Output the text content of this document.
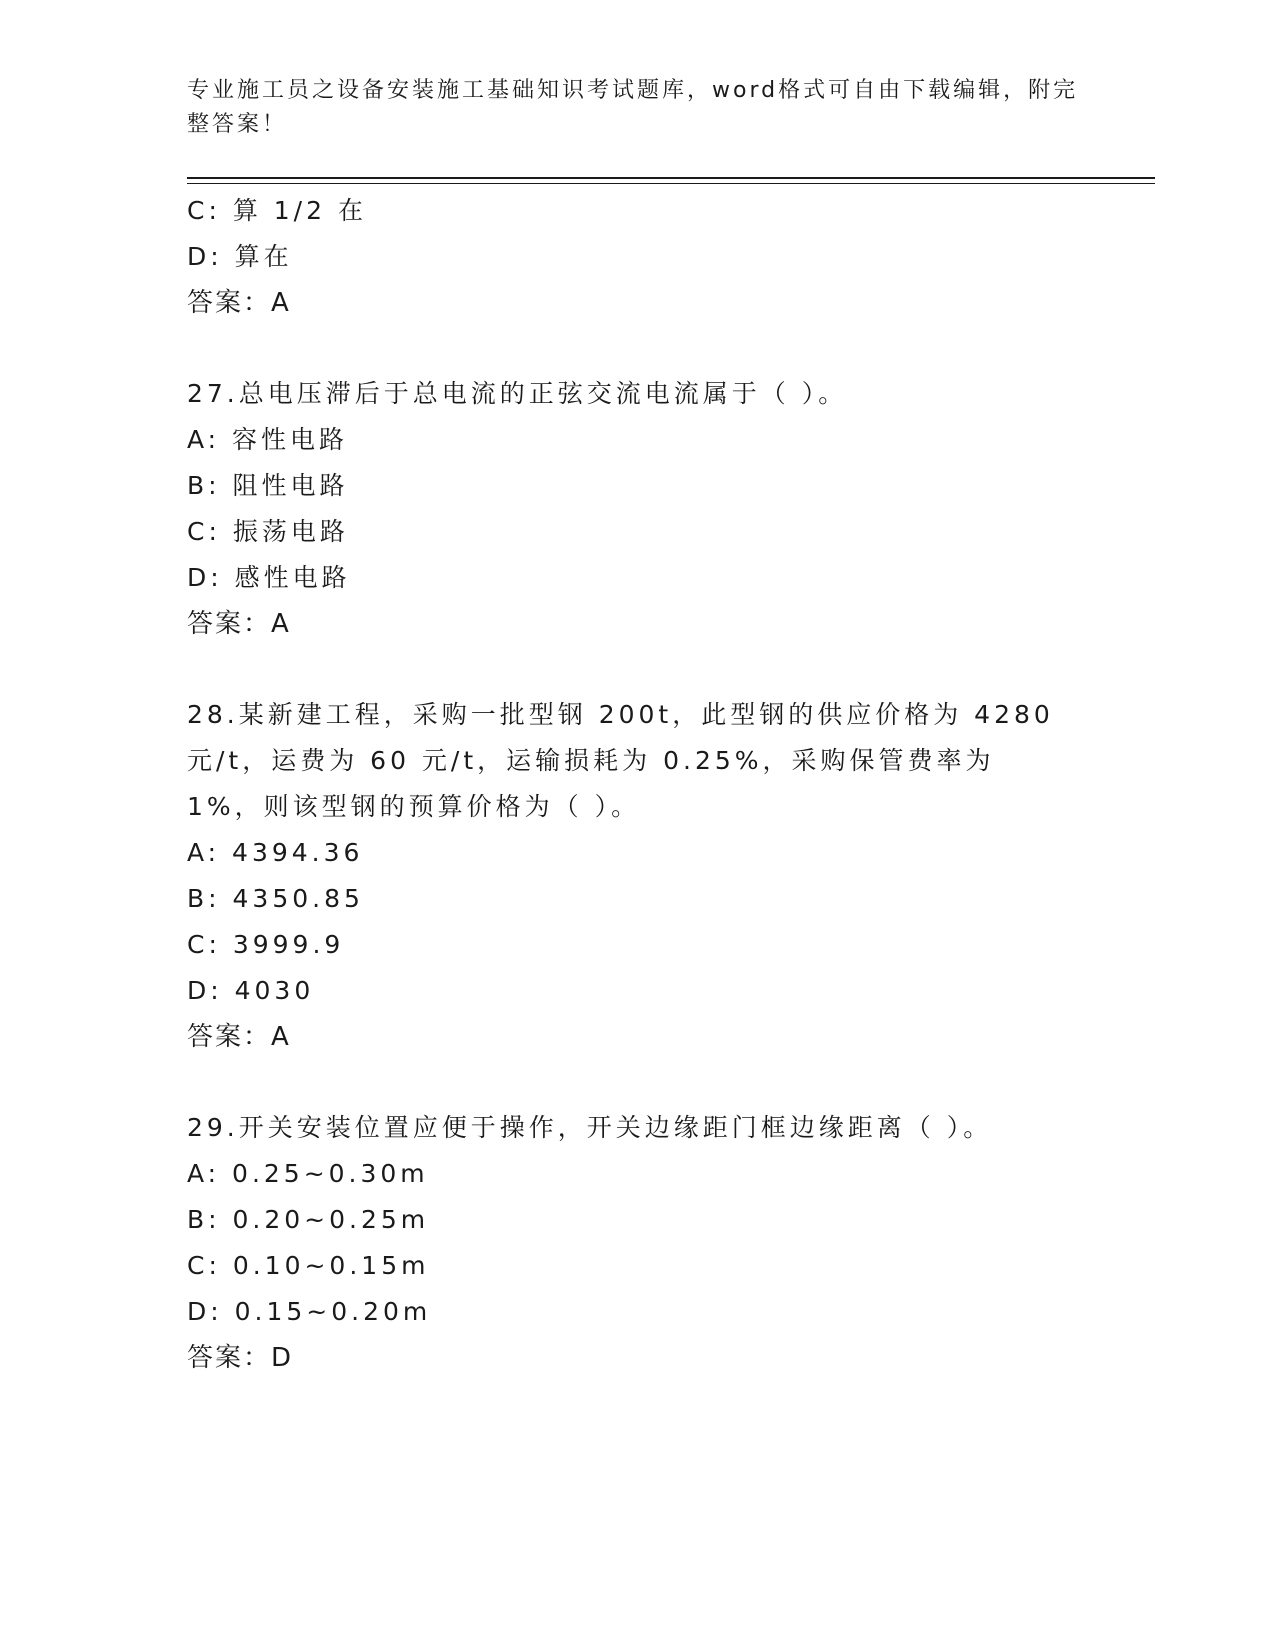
专业施工员之设备安装施工基础知识考试题库，word格式可自由下载编辑，附完整答案！
C: 算 1/2 在
D: 算在
答案：A
27.总电压滞后于总电流的正弦交流电流属于（ ）。
A: 容性电路
B: 阻性电路
C: 振荡电路
D: 感性电路
答案：A
28.某新建工程，采购一批型钢 200t，此型钢的供应价格为 4280 元/t，运费为 60 元/t，运输损耗为 0.25%，采购保管费率为 1%，则该型钢的预算价格为（ ）。
A: 4394.36
B: 4350.85
C: 3999.9
D: 4030
答案：A
29.开关安装位置应便于操作，开关边缘距门框边缘距离（ ）。
A: 0.25~0.30m
B: 0.20~0.25m
C: 0.10~0.15m
D: 0.15~0.20m
答案：D
